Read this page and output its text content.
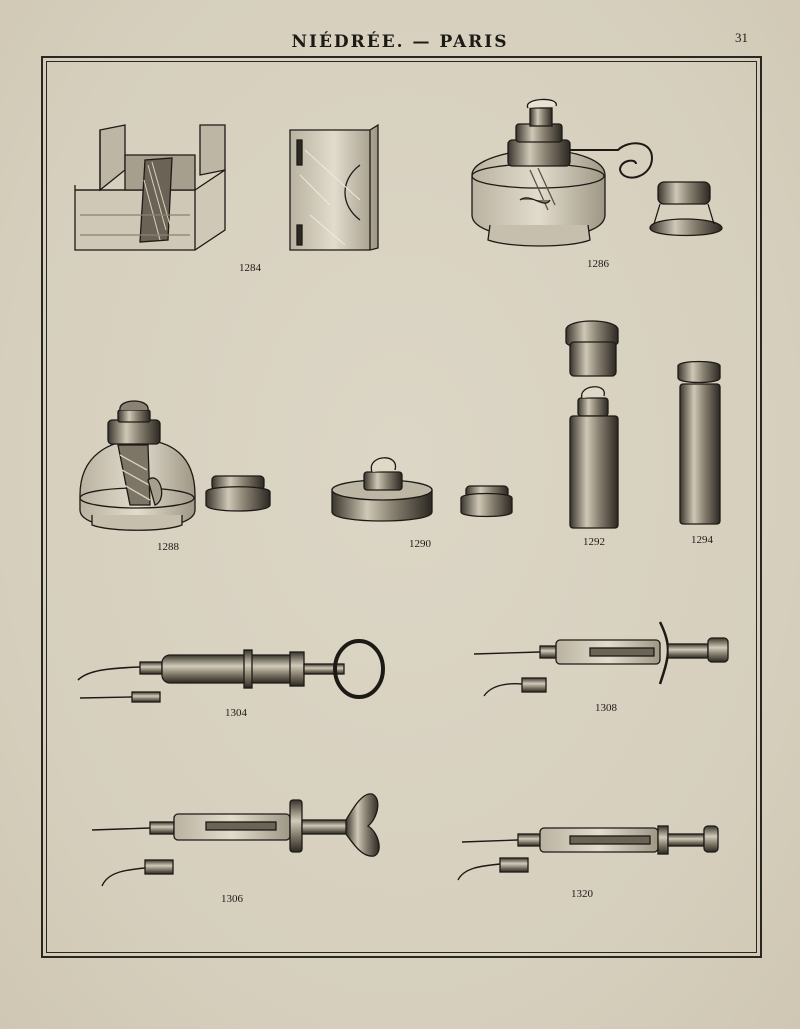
NIÉDRÉE. — PARIS	31
1284	1286
1288	1290	1292	1294
1304	1308
1306	1320
